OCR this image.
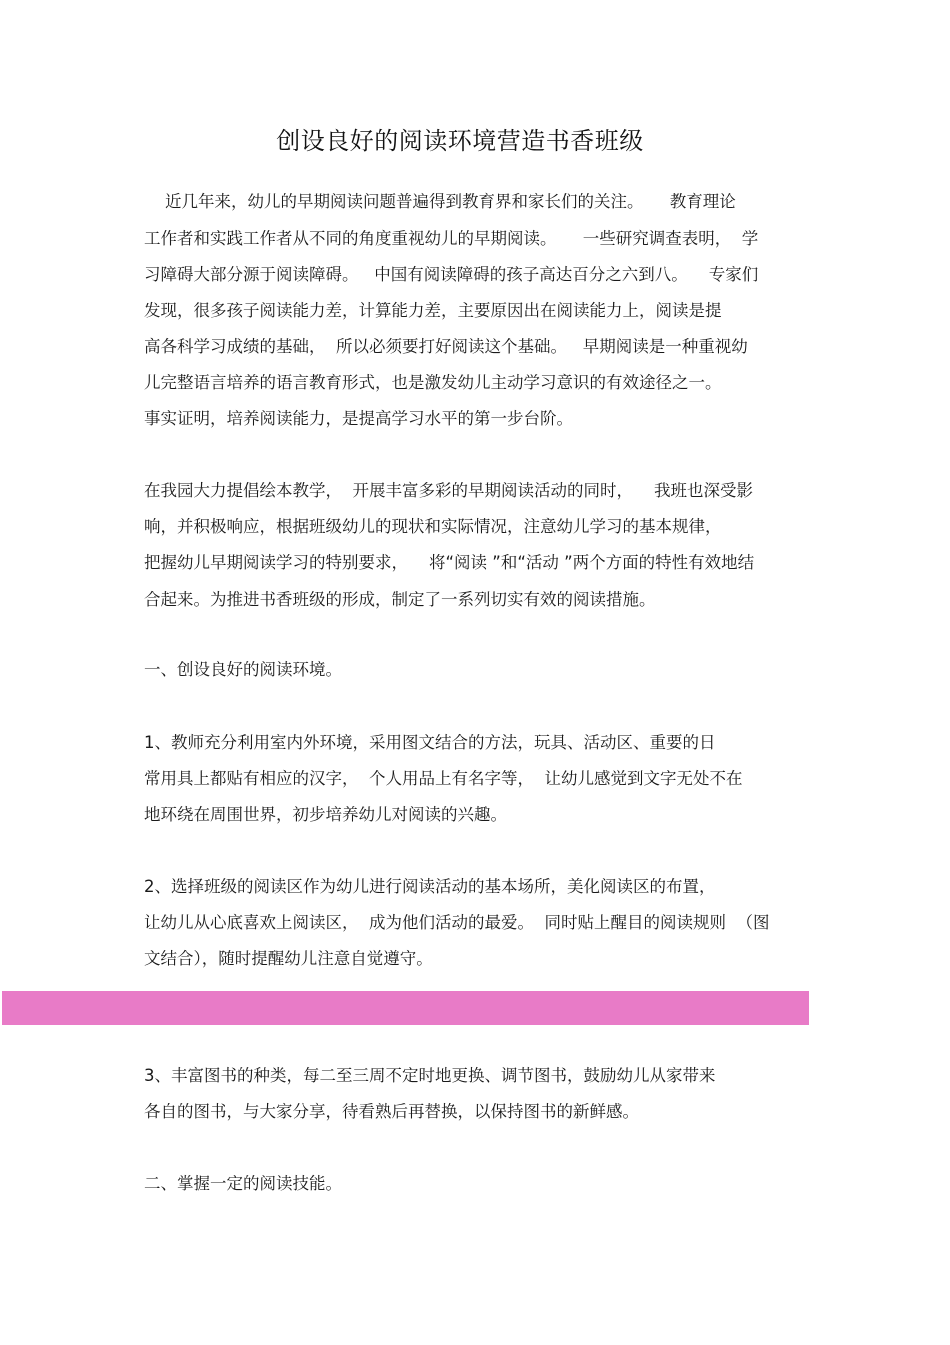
创设良好的阅读环境营造书香班级
近几年来，幼儿的早期阅读问题普遍得到教育界和家长们的关注。     教育理论
工作者和实践工作者从不同的角度重视幼儿的早期阅读。     一些研究调查表明，  学
习障碍大部分源于阅读障碍。   中国有阅读障碍的孩子高达百分之六到八。    专家们
发现，很多孩子阅读能力差，计算能力差，主要原因出在阅读能力上，阅读是提
高各科学习成绩的基础，  所以必须要打好阅读这个基础。   早期阅读是一种重视幼
儿完整语言培养的语言教育形式，也是激发幼儿主动学习意识的有效途径之一。
事实证明，培养阅读能力，是提高学习水平的第一步台阶。
在我园大力提倡绘本教学，  开展丰富多彩的早期阅读活动的同时，    我班也深受影
响，并积极响应，根据班级幼儿的现状和实际情况，注意幼儿学习的基本规律，
把握幼儿早期阅读学习的特别要求，    将“阅读 ”和“活动 ”两个方面的特性有效地结
合起来。为推进书香班级的形成，制定了一系列切实有效的阅读措施。
一、创设良好的阅读环境。
1、教师充分利用室内外环境，采用图文结合的方法，玩具、活动区、重要的日
常用具上都贴有相应的汉字，  个人用品上有名字等，  让幼儿感觉到文字无处不在
地环绕在周围世界，初步培养幼儿对阅读的兴趣。
2、选择班级的阅读区作为幼儿进行阅读活动的基本场所，美化阅读区的布置，
让幼儿从心底喜欢上阅读区，  成为他们活动的最爱。  同时贴上醒目的阅读规则  （图
文结合），随时提醒幼儿注意自觉遵守。
3、丰富图书的种类，每二至三周不定时地更换、调节图书，鼓励幼儿从家带来
各自的图书，与大家分享，待看熟后再替换，以保持图书的新鲜感。
二、掌握一定的阅读技能。
